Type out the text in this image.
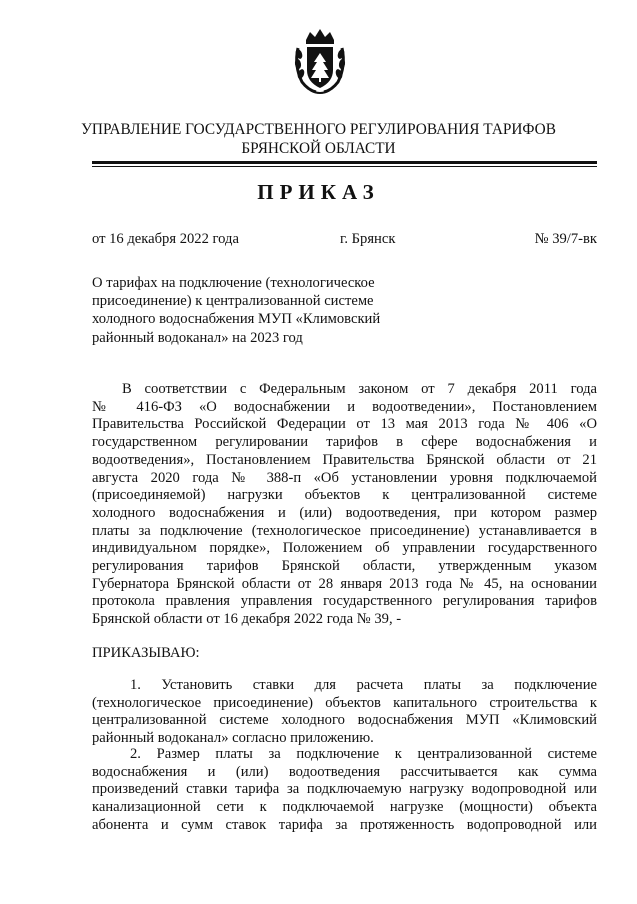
УПРАВЛЕНИЕ ГОСУДАРСТВЕННОГО РЕГУЛИРОВАНИЯ ТАРИФОВ
БРЯНСКОЙ ОБЛАСТИ
ПРИКАЗ
от 16 декабря 2022 года	г. Брянск	№ 39/7-вк
О тарифах на подключение (технологическое
присоединение) к централизованной системе
холодного водоснабжения МУП «Климовский
районный водоканал» на 2023 год
В соответствии с Федеральным законом от 7 декабря 2011 года
№ 416-ФЗ «О водоснабжении и водоотведении», Постановлением
Правительства Российской Федерации от 13 мая 2013 года № 406 «О
государственном регулировании тарифов в сфере водоснабжения и
водоотведения», Постановлением Правительства Брянской области от 21
августа 2020 года № 388-п «Об установлении уровня подключаемой
(присоединяемой) нагрузки объектов к централизованной системе
холодного водоснабжения и (или) водоотведения, при котором размер
платы за подключение (технологическое присоединение) устанавливается в
индивидуальном порядке», Положением об управлении государственного
регулирования тарифов Брянской области, утвержденным указом
Губернатора Брянской области от 28 января 2013 года № 45, на основании
протокола правления управления государственного регулирования тарифов
Брянской области от 16 декабря 2022 года № 39, -
ПРИКАЗЫВАЮ:
1. Установить ставки для расчета платы за подключение
(технологическое присоединение) объектов капитального строительства к
централизованной системе холодного водоснабжения МУП «Климовский
районный водоканал» согласно приложению.
2. Размер платы за подключение к централизованной системе
водоснабжения и (или) водоотведения рассчитывается как сумма
произведений ставки тарифа за подключаемую нагрузку водопроводной или
канализационной сети к подключаемой нагрузке (мощности) объекта
абонента и сумм ставок тарифа за протяженность водопроводной или
